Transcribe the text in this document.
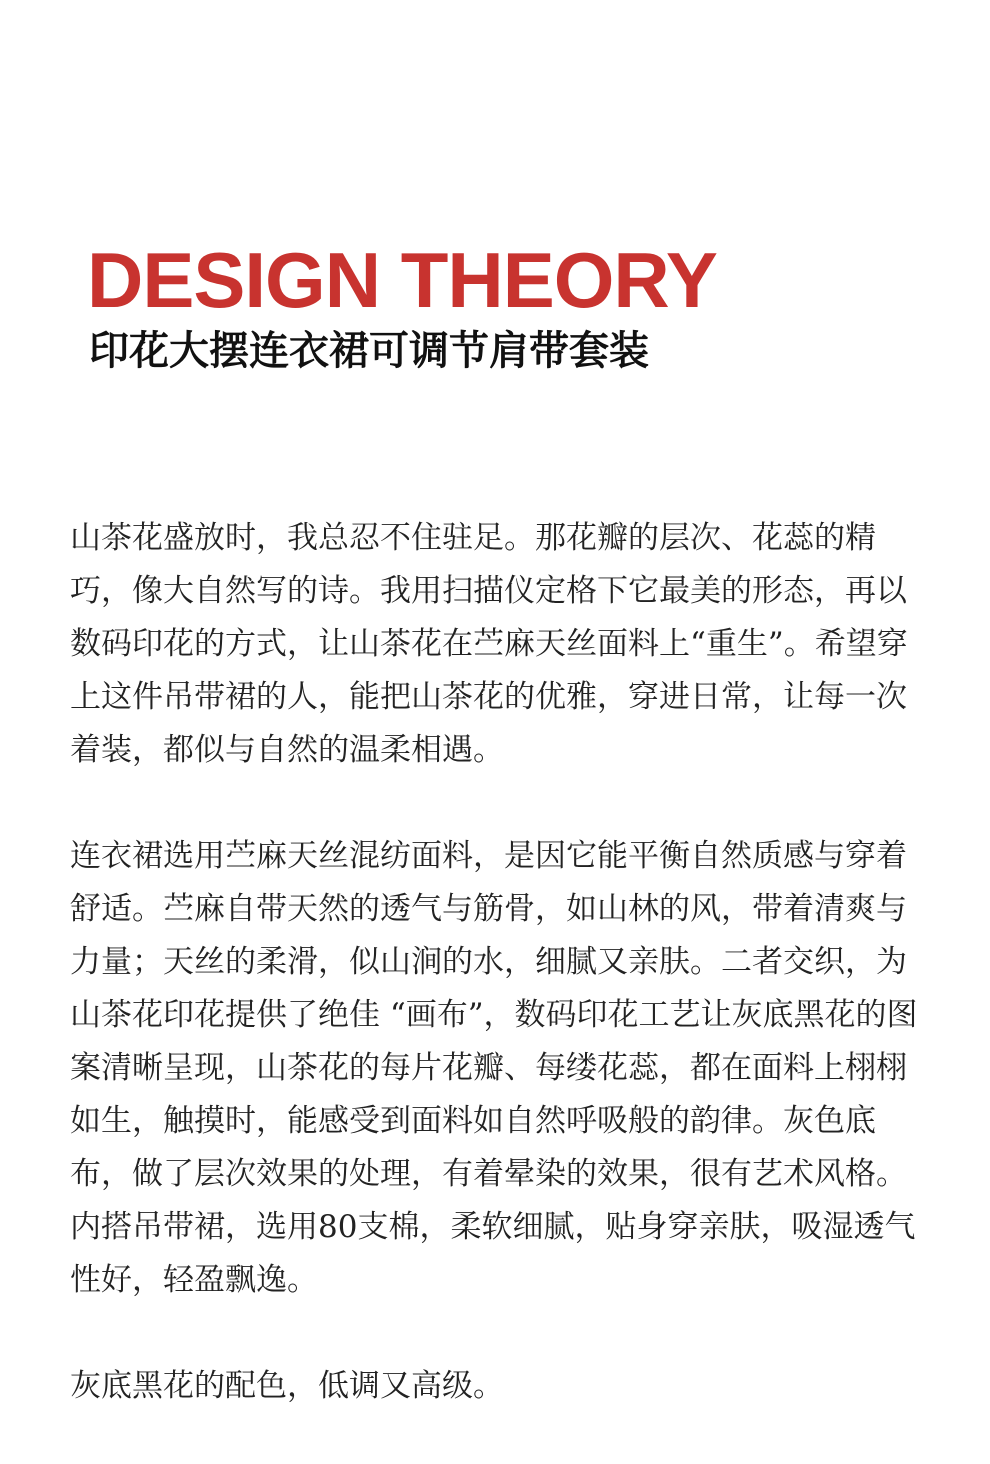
DESIGN THEORY
印花大摆连衣裙可调节肩带套装

山茶花盛放时，我总忍不住驻足。那花瓣的层次、花蕊的精巧，像大自然写的诗。我用扫描仪定格下它最美的形态，再以数码印花的方式，让山茶花在苎麻天丝面料上“重生”。希望穿上这件吊带裙的人，能把山茶花的优雅，穿进日常，让每一次着装，都似与自然的温柔相遇。

连衣裙选用苎麻天丝混纺面料，是因它能平衡自然质感与穿着舒适。苎麻自带天然的透气与筋骨，如山林的风，带着清爽与力量；天丝的柔滑，似山涧的水，细腻又亲肤。二者交织，为山茶花印花提供了绝佳 “画布”，数码印花工艺让灰底黑花的图案清晰呈现，山茶花的每片花瓣、每缕花蕊，都在面料上栩栩如生，触摸时，能感受到面料如自然呼吸般的韵律。灰色底布，做了层次效果的处理，有着晕染的效果，很有艺术风格。 内搭吊带裙，选用80支棉，柔软细腻，贴身穿亲肤，吸湿透气性好，轻盈飘逸。

灰底黑花的配色，低调又高级。
